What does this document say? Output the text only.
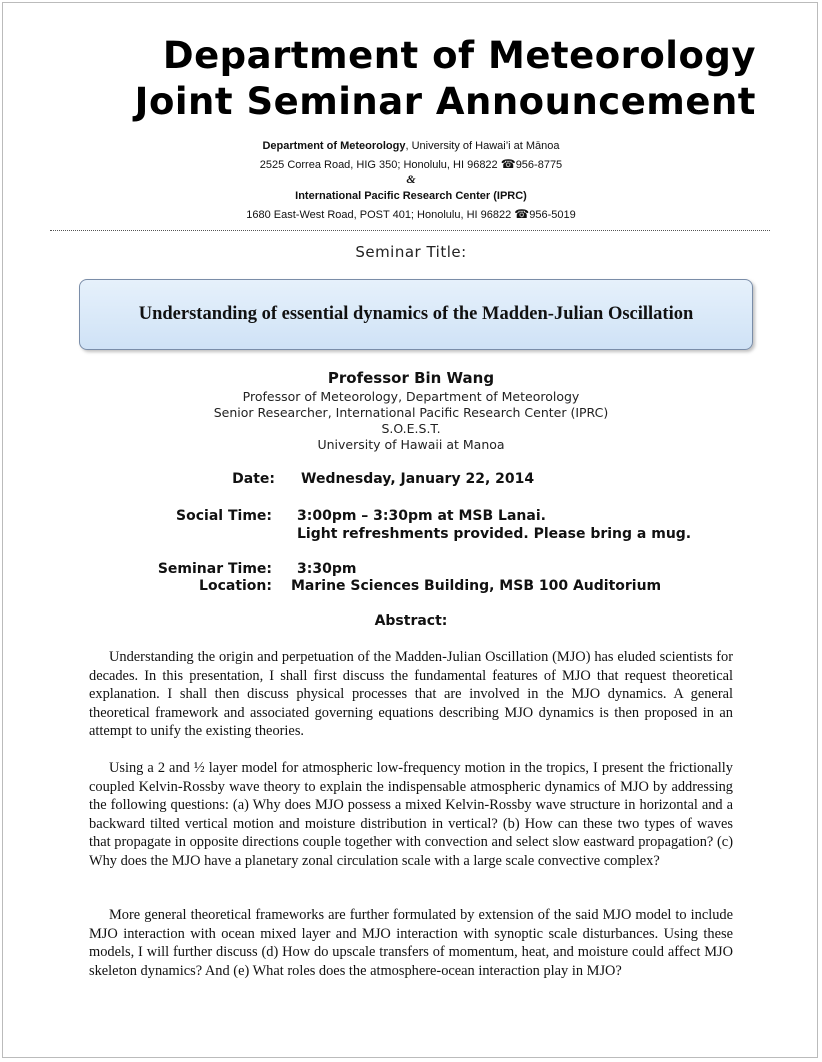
Department of Meteorology
Joint Seminar Announcement
Department of Meteorology, University of Hawai’i at Mānoa
2525 Correa Road, HIG 350; Honolulu, HI 96822 ☎956-8775
&
International Pacific Research Center (IPRC)
1680 East-West Road, POST 401; Honolulu, HI 96822 ☎956-5019
Seminar Title:
Understanding of essential dynamics of the Madden-Julian Oscillation
Professor Bin Wang
Professor of Meteorology, Department of Meteorology
Senior Researcher, International Pacific Research Center (IPRC)
S.O.E.S.T.
University of Hawaii at Manoa
Date: Wednesday, January 22, 2014
Social Time: 3:00pm – 3:30pm at MSB Lanai.
Light refreshments provided. Please bring a mug.
Seminar Time: 3:30pm
Location: Marine Sciences Building, MSB 100 Auditorium
Abstract:

Understanding the origin and perpetuation of the Madden-Julian Oscillation (MJO) has eluded scientists for decades. In this presentation, I shall first discuss the fundamental features of MJO that request theoretical explanation. I shall then discuss physical processes that are involved in the MJO dynamics. A general theoretical framework and associated governing equations describing MJO dynamics is then proposed in an attempt to unify the existing theories.

Using a 2 and ½ layer model for atmospheric low-frequency motion in the tropics, I present the frictionally coupled Kelvin-Rossby wave theory to explain the indispensable atmospheric dynamics of MJO by addressing the following questions: (a) Why does MJO possess a mixed Kelvin-Rossby wave structure in horizontal and a backward tilted vertical motion and moisture distribution in vertical? (b) How can these two types of waves that propagate in opposite directions couple together with convection and select slow eastward propagation? (c) Why does the MJO have a planetary zonal circulation scale with a large scale convective complex?

More general theoretical frameworks are further formulated by extension of the said MJO model to include MJO interaction with ocean mixed layer and MJO interaction with synoptic scale disturbances. Using these models, I will further discuss (d) How do upscale transfers of momentum, heat, and moisture could affect MJO skeleton dynamics? And (e) What roles does the atmosphere-ocean interaction play in MJO?
